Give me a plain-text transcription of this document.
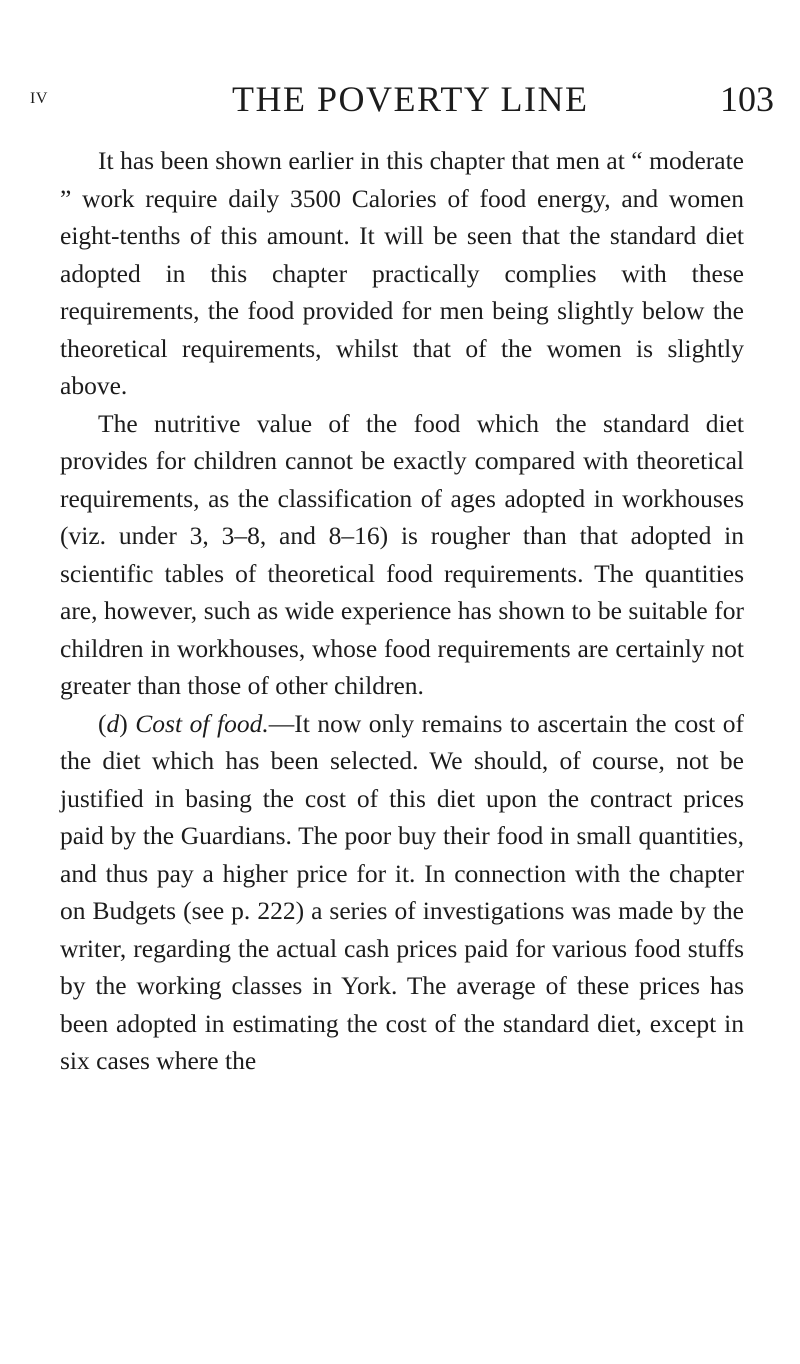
IV	THE POVERTY LINE	103

It has been shown earlier in this chapter that men at “ moderate ” work require daily 3500 Calories of food energy, and women eight-tenths of this amount. It will be seen that the standard diet adopted in this chapter practically complies with these requirements, the food provided for men being slightly below the theoretical requirements, whilst that of the women is slightly above.

The nutritive value of the food which the standard diet provides for children cannot be exactly compared with theoretical requirements, as the classification of ages adopted in workhouses (viz. under 3, 3–8, and 8–16) is rougher than that adopted in scientific tables of theoretical food requirements. The quantities are, however, such as wide experience has shown to be suitable for children in workhouses, whose food requirements are certainly not greater than those of other children.

(d) Cost of food.—It now only remains to ascertain the cost of the diet which has been selected. We should, of course, not be justified in basing the cost of this diet upon the contract prices paid by the Guardians. The poor buy their food in small quantities, and thus pay a higher price for it. In connection with the chapter on Budgets (see p. 222) a series of investigations was made by the writer, regarding the actual cash prices paid for various food stuffs by the working classes in York. The average of these prices has been adopted in estimating the cost of the standard diet, except in six cases where the
